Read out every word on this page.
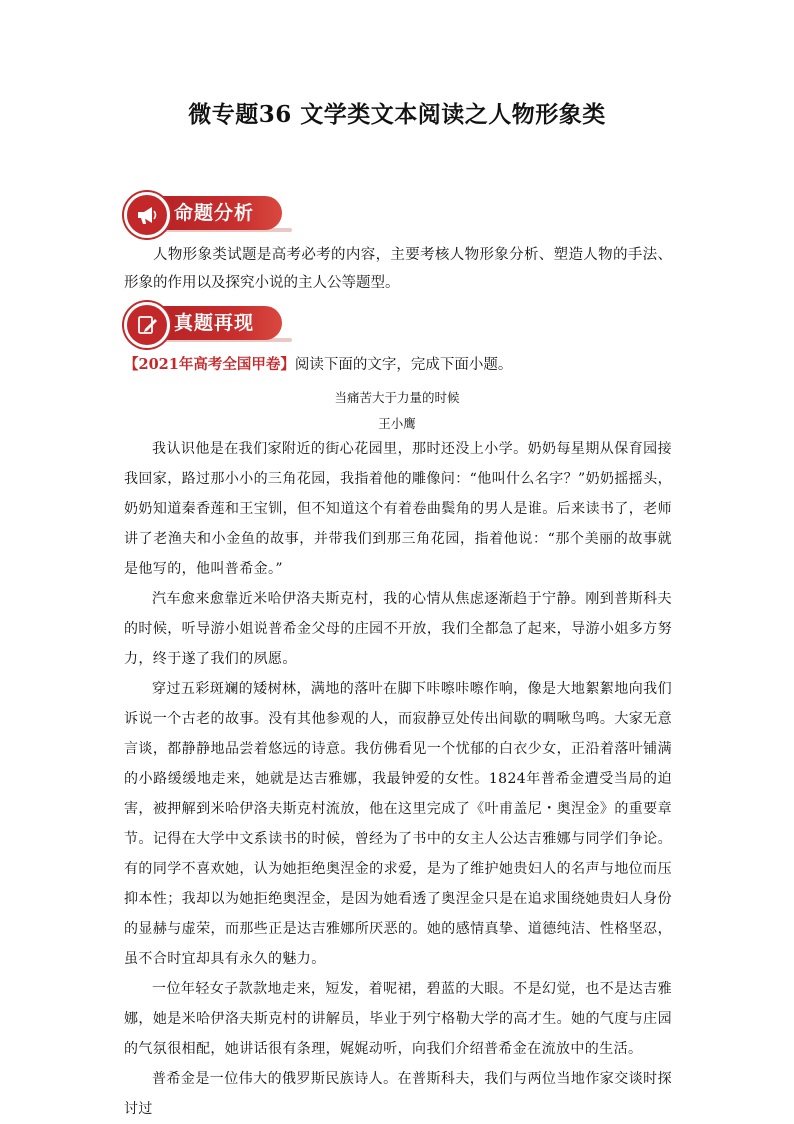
微专题36 文学类文本阅读之人物形象类
命题分析
人物形象类试题是高考必考的内容，主要考核人物形象分析、塑造人物的手法、形象的作用以及探究小说的主人公等题型。
真题再现
【2021年高考全国甲卷】阅读下面的文字，完成下面小题。
当痛苦大于力量的时候
王小鹰

我认识他是在我们家附近的街心花园里，那时还没上小学。奶奶每星期从保育园接我回家，路过那小小的三角花园，我指着他的雕像问：“他叫什么名字？”奶奶摇摇头，奶奶知道秦香莲和王宝钏，但不知道这个有着卷曲鬓角的男人是谁。后来读书了，老师讲了老渔夫和小金鱼的故事，并带我们到那三角花园，指着他说：“那个美丽的故事就是他写的，他叫普希金。”

汽车愈来愈靠近米哈伊洛夫斯克村，我的心情从焦虑逐渐趋于宁静。刚到普斯科夫的时候，听导游小姐说普希金父母的庄园不开放，我们全都急了起来，导游小姐多方努力，终于遂了我们的夙愿。

穿过五彩斑斓的矮树林，满地的落叶在脚下咔嚓咔嚓作响，像是大地絮絮地向我们诉说一个古老的故事。没有其他参观的人，而寂静豆处传出间歇的啁啾鸟鸣。大家无意言谈，都静静地品尝着悠远的诗意。我仿佛看见一个忧郁的白衣少女，正沿着落叶铺满的小路缓缓地走来，她就是达吉雅娜，我最钟爱的女性。1824年普希金遭受当局的迫害，被押解到米哈伊洛夫斯克村流放，他在这里完成了《叶甫盖尼・奥涅金》的重要章节。记得在大学中文系读书的时候，曾经为了书中的女主人公达吉雅娜与同学们争论。有的同学不喜欢她，认为她拒绝奥涅金的求爱，是为了维护她贵妇人的名声与地位而压抑本性；我却以为她拒绝奥涅金，是因为她看透了奥涅金只是在追求围绕她贵妇人身份的显赫与虚荣，而那些正是达吉雅娜所厌恶的。她的感情真挚、道德纯洁、性格坚忍，虽不合时宜却具有永久的魅力。

一位年轻女子款款地走来，短发，着呢裙，碧蓝的大眼。不是幻觉，也不是达吉雅娜，她是米哈伊洛夫斯克村的讲解员，毕业于列宁格勒大学的高才生。她的气度与庄园的气氛很相配，她讲话很有条理，娓娓动听，向我们介绍普希金在流放中的生活。

普希金是一位伟大的俄罗斯民族诗人。在普斯科夫，我们与两位当地作家交谈时探讨过
